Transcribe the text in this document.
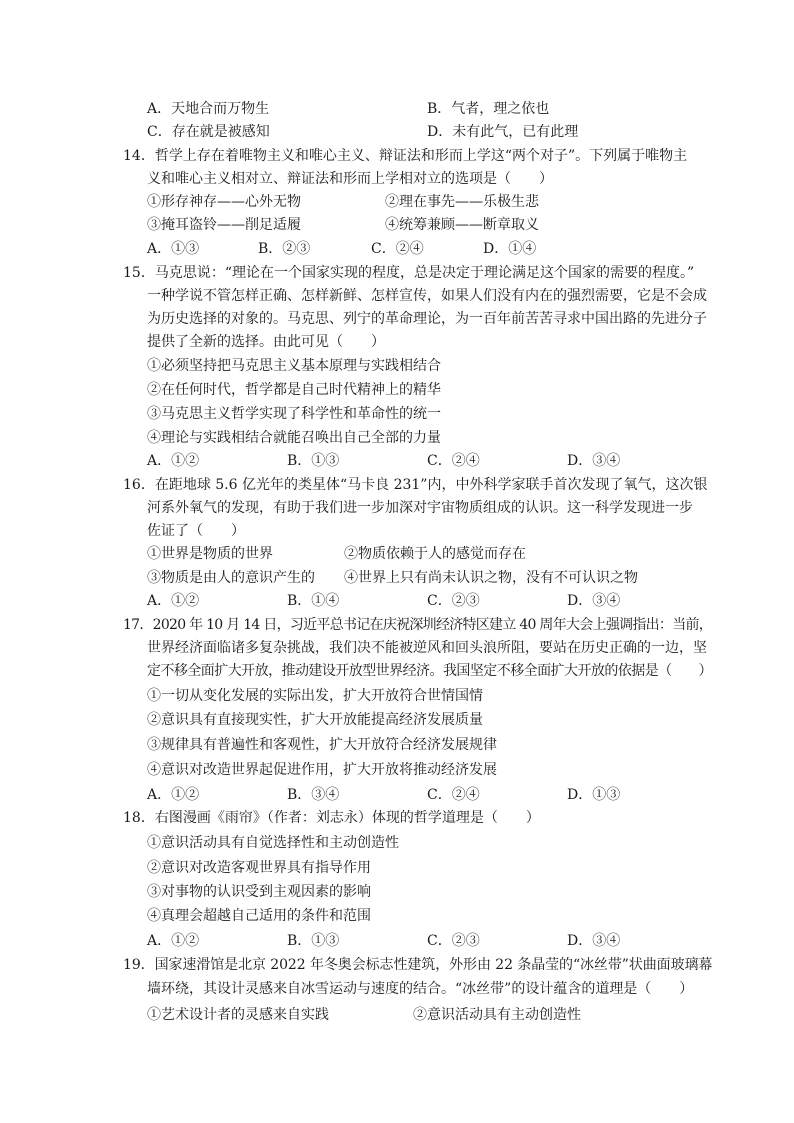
A．天地合而万物生	B．气者，理之依也
C．存在就是被感知	D．未有此气，已有此理
14．哲学上存在着唯物主义和唯心主义、辩证法和形而上学这“两个对子”。下列属于唯物主
义和唯心主义相对立、辩证法和形而上学相对立的选项是（　　）
①形存神存——心外无物	②理在事先——乐极生悲
③掩耳盗铃——削足适履	④统筹兼顾——断章取义
A．①③	B．②③	C．②④	D．①④
15．马克思说：“理论在一个国家实现的程度，总是决定于理论满足这个国家的需要的程度。”
一种学说不管怎样正确、怎样新鲜、怎样宣传，如果人们没有内在的强烈需要，它是不会成
为历史选择的对象的。马克思、列宁的革命理论，为一百年前苦苦寻求中国出路的先进分子
提供了全新的选择。由此可见（　　）
①必须坚持把马克思主义基本原理与实践相结合
②在任何时代，哲学都是自己时代精神上的精华
③马克思主义哲学实现了科学性和革命性的统一
④理论与实践相结合就能召唤出自己全部的力量
A．①②	B．①③	C．②④	D．③④
16．在距地球 5.6 亿光年的类星体“马卡良 231”内，中外科学家联手首次发现了氧气，这次银
河系外氧气的发现，有助于我们进一步加深对宇宙物质组成的认识。这一科学发现进一步
佐证了（　　）
①世界是物质的世界	②物质依赖于人的感觉而存在
③物质是由人的意识产生的 ④世界上只有尚未认识之物，没有不可认识之物
A．①②	B．①④	C．②③	D．③④
17．2020 年 10 月 14 日，习近平总书记在庆祝深圳经济特区建立 40 周年大会上强调指出：当前，
世界经济面临诸多复杂挑战，我们决不能被逆风和回头浪所阻，要站在历史正确的一边，坚
定不移全面扩大开放，推动建设开放型世界经济。我国坚定不移全面扩大开放的依据是（　　）
①一切从变化发展的实际出发，扩大开放符合世情国情
②意识具有直接现实性，扩大开放能提高经济发展质量
③规律具有普遍性和客观性，扩大开放符合经济发展规律
④意识对改造世界起促进作用，扩大开放将推动经济发展
A．①②	B．③④	C．②④	D．①③
18．右图漫画《雨帘》（作者：刘志永）体现的哲学道理是（　　）
①意识活动具有自觉选择性和主动创造性
②意识对改造客观世界具有指导作用
③对事物的认识受到主观因素的影响
④真理会超越自己适用的条件和范围
A．①②	B．①③	C．②③	D．③④
19．国家速滑馆是北京 2022 年冬奥会标志性建筑，外形由 22 条晶莹的“冰丝带”状曲面玻璃幕
墙环绕，其设计灵感来自冰雪运动与速度的结合。“冰丝带”的设计蕴含的道理是（　　）
①艺术设计者的灵感来自实践	②意识活动具有主动创造性
